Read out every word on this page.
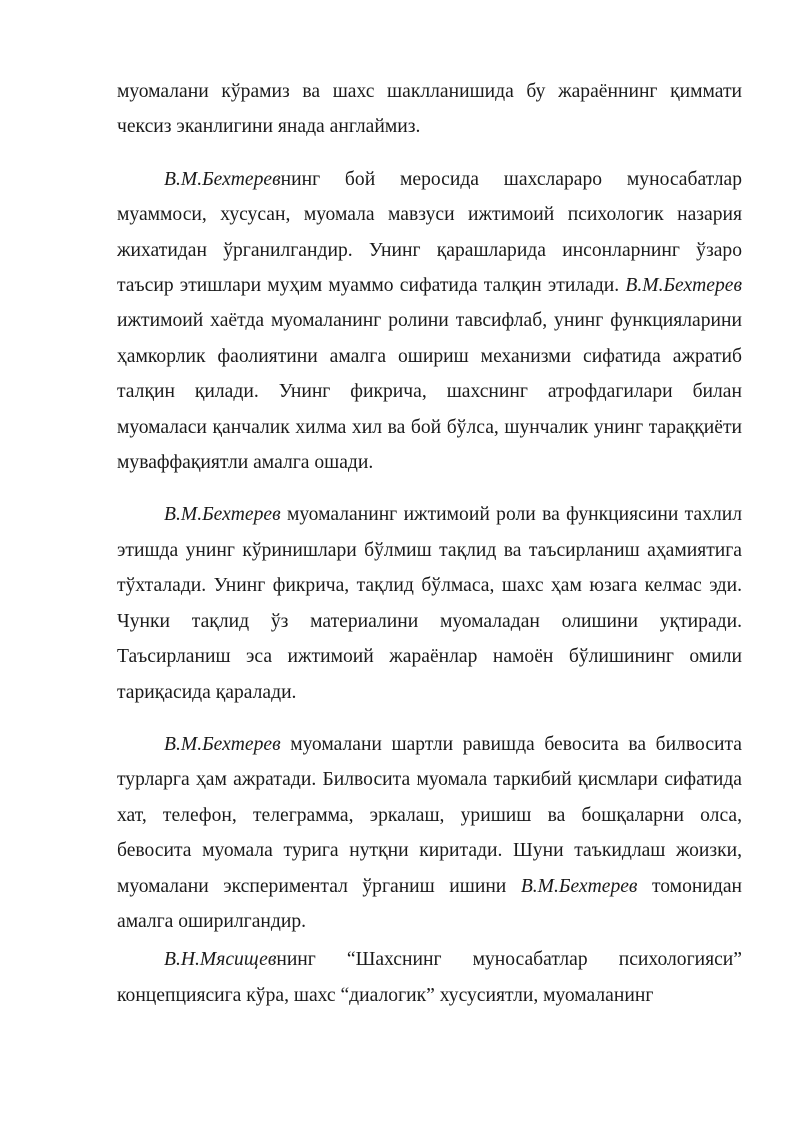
муомалани кўрамиз ва шахс шаклланишида бу жараённинг қиммати чексиз эканлигини янада англаймиз.

В.М.Бехтеревнинг бой меросида шахслараро муносабатлар муаммоси, хусусан, муомала мавзуси ижтимоий психологик назария жихатидан ўрганилгандир. Унинг қарашларида инсонларнинг ўзаро таъсир этишлари муҳим муаммо сифатида талқин этилади. В.М.Бехтерев ижтимоий хаётда муомаланинг ролини тавсифлаб, унинг функцияларини ҳамкорлик фаолиятини амалга ошириш механизми сифатида ажратиб талқин қилади. Унинг фикрича, шахснинг атрофдагилари билан муомаласи қанчалик хилма хил ва бой бўлса, шунчалик унинг тараққиёти муваффақиятли амалга ошади.

В.М.Бехтерев муомаланинг ижтимоий роли ва функциясини тахлил этишда унинг кўринишлари бўлмиш тақлид ва таъсирланиш аҳамиятига тўхталади. Унинг фикрича, тақлид бўлмаса, шахс ҳам юзага келмас эди. Чунки тақлид ўз материалини муомаладан олишини уқтиради. Таъсирланиш эса ижтимоий жараёнлар намоён бўлишининг омили тариқасида қаралади.

В.М.Бехтерев муомалани шартли равишда бевосита ва билвосита турларга ҳам ажратади. Билвосита муомала таркибий қисмлари сифатида хат, телефон, телеграмма, эркалаш, уришиш ва бошқаларни олса, бевосита муомала турига нутқни киритади. Шуни таъкидлаш жоизки, муомалани экспериментал ўрганиш ишини В.М.Бехтерев томонидан амалга оширилгандир.

В.Н.Мясищевнинг “Шахснинг муносабатлар психологияси” концепциясига кўра, шахс “диалогик” хусусиятли, муомаланинг
